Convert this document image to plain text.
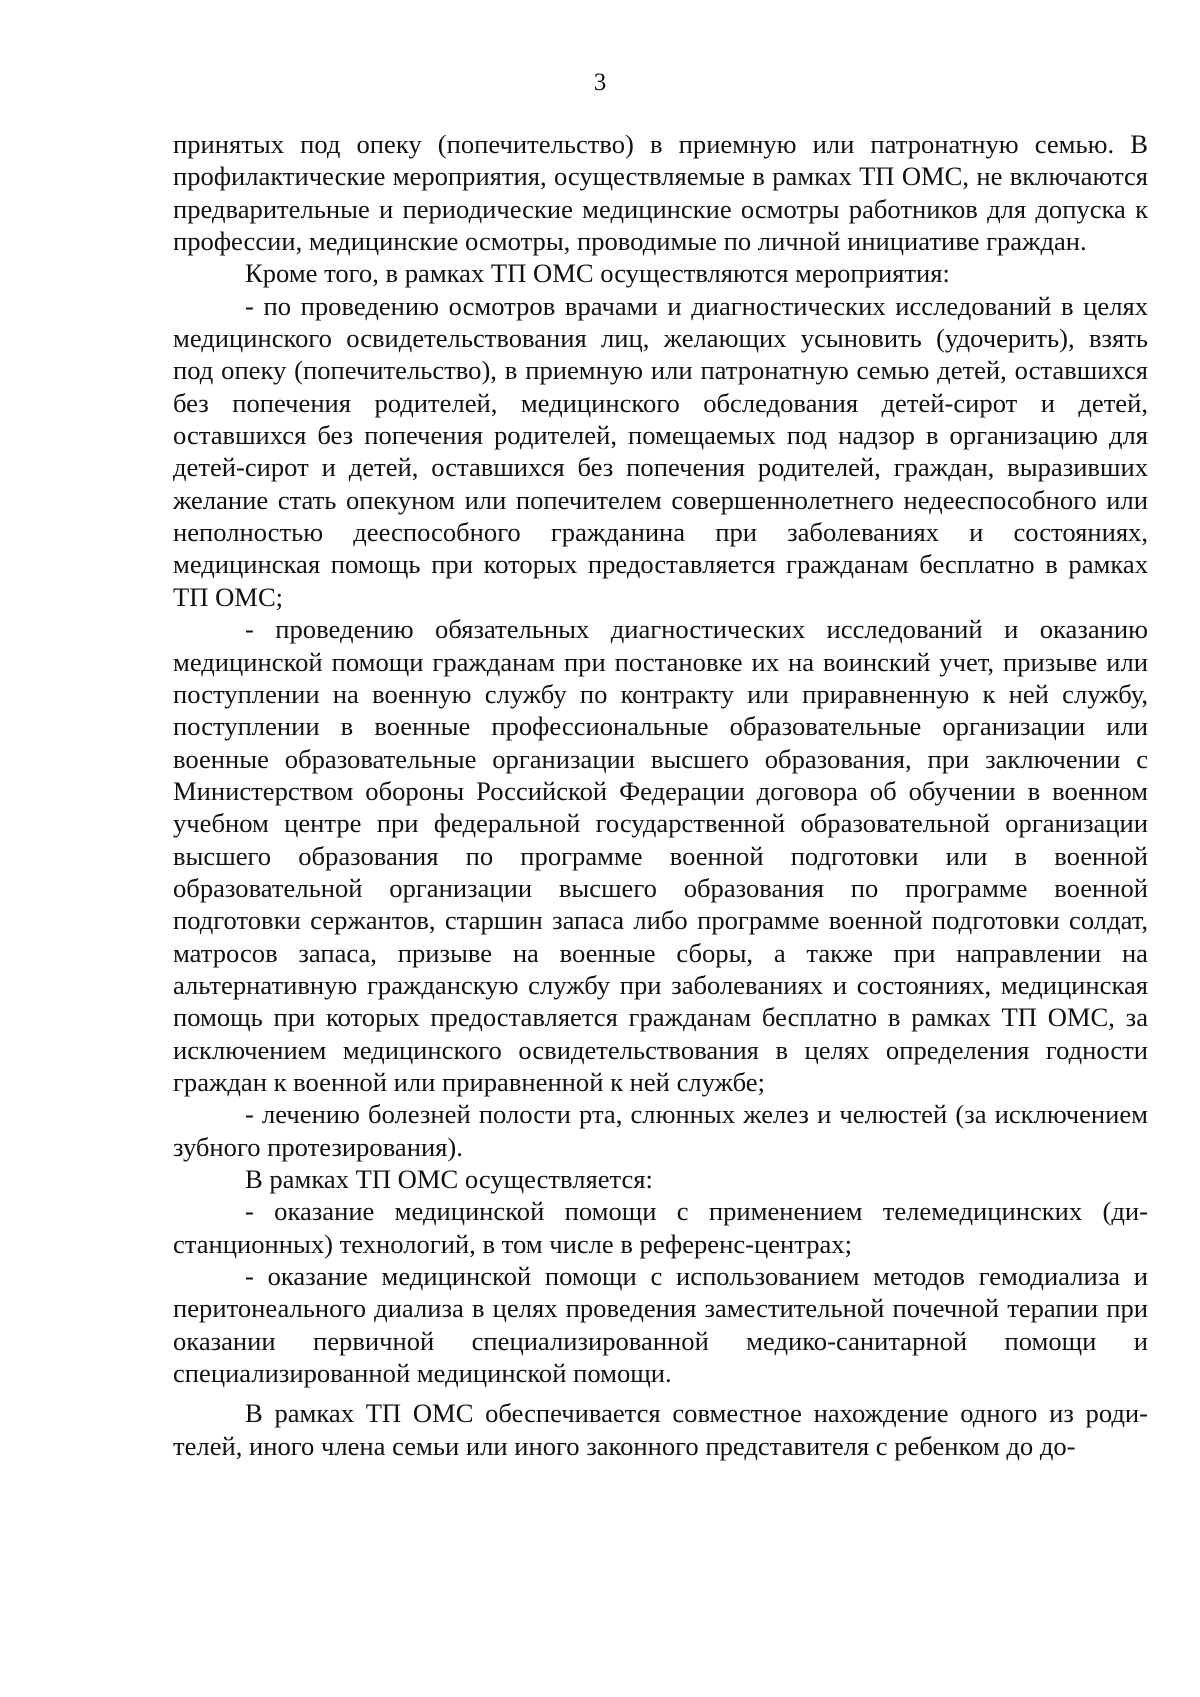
3

принятых под опеку (попечительство) в приемную или патронатную семью. В профилактические мероприятия, осуществляемые в рамках ТП ОМС, не включаются предварительные и периодические медицинские осмотры работников для допуска к профессии, медицинские осмотры, проводимые по личной инициативе граждан.

Кроме того, в рамках ТП ОМС осуществляются мероприятия:

- по проведению осмотров врачами и диагностических исследований в целях медицинского освидетельствования лиц, желающих усыновить (удочерить), взять под опеку (попечительство), в приемную или патронатную семью детей, оставшихся без попечения родителей, медицинского обследования детей-сирот и детей, оставшихся без попечения родителей, помещаемых под надзор в организацию для детей-сирот и детей, оставшихся без попечения родителей, граждан, выразивших желание стать опекуном или попечителем совершеннолетнего недееспособного или неполностью дееспособного гражданина при заболеваниях и состояниях, медицинская помощь при которых предоставляется гражданам бесплатно в рамках ТП ОМС;

- проведению обязательных диагностических исследований и оказанию медицинской помощи гражданам при постановке их на воинский учет, призыве или поступлении на военную службу по контракту или приравненную к ней службу, поступлении в военные профессиональные образовательные организации или военные образовательные организации высшего образования, при заключении с Министерством обороны Российской Федерации договора об обучении в военном учебном центре при федеральной государственной образовательной организации высшего образования по программе военной подготовки или в военной образовательной организации высшего образования по программе военной подготовки сержантов, старшин запаса либо программе военной подготовки солдат, матросов запаса, призыве на военные сборы, а также при направлении на альтернативную гражданскую службу при заболеваниях и состояниях, медицинская помощь при которых предоставляется гражданам бесплатно в рамках ТП ОМС, за исключением медицинского освидетельствования в целях определения годности граждан к военной или приравненной к ней службе;

- лечению болезней полости рта, слюнных желез и челюстей (за исключением зубного протезирования).

В рамках ТП ОМС осуществляется:

- оказание медицинской помощи с применением телемедицинских (дистанционных) технологий, в том числе в референс-центрах;

- оказание медицинской помощи с использованием методов гемодиализа и перитонеального диализа в целях проведения заместительной почечной терапии при оказании первичной специализированной медико-санитарной помощи и специализированной медицинской помощи.

В рамках ТП ОМС обеспечивается совместное нахождение одного из родителей, иного члена семьи или иного законного представителя с ребенком до до-
